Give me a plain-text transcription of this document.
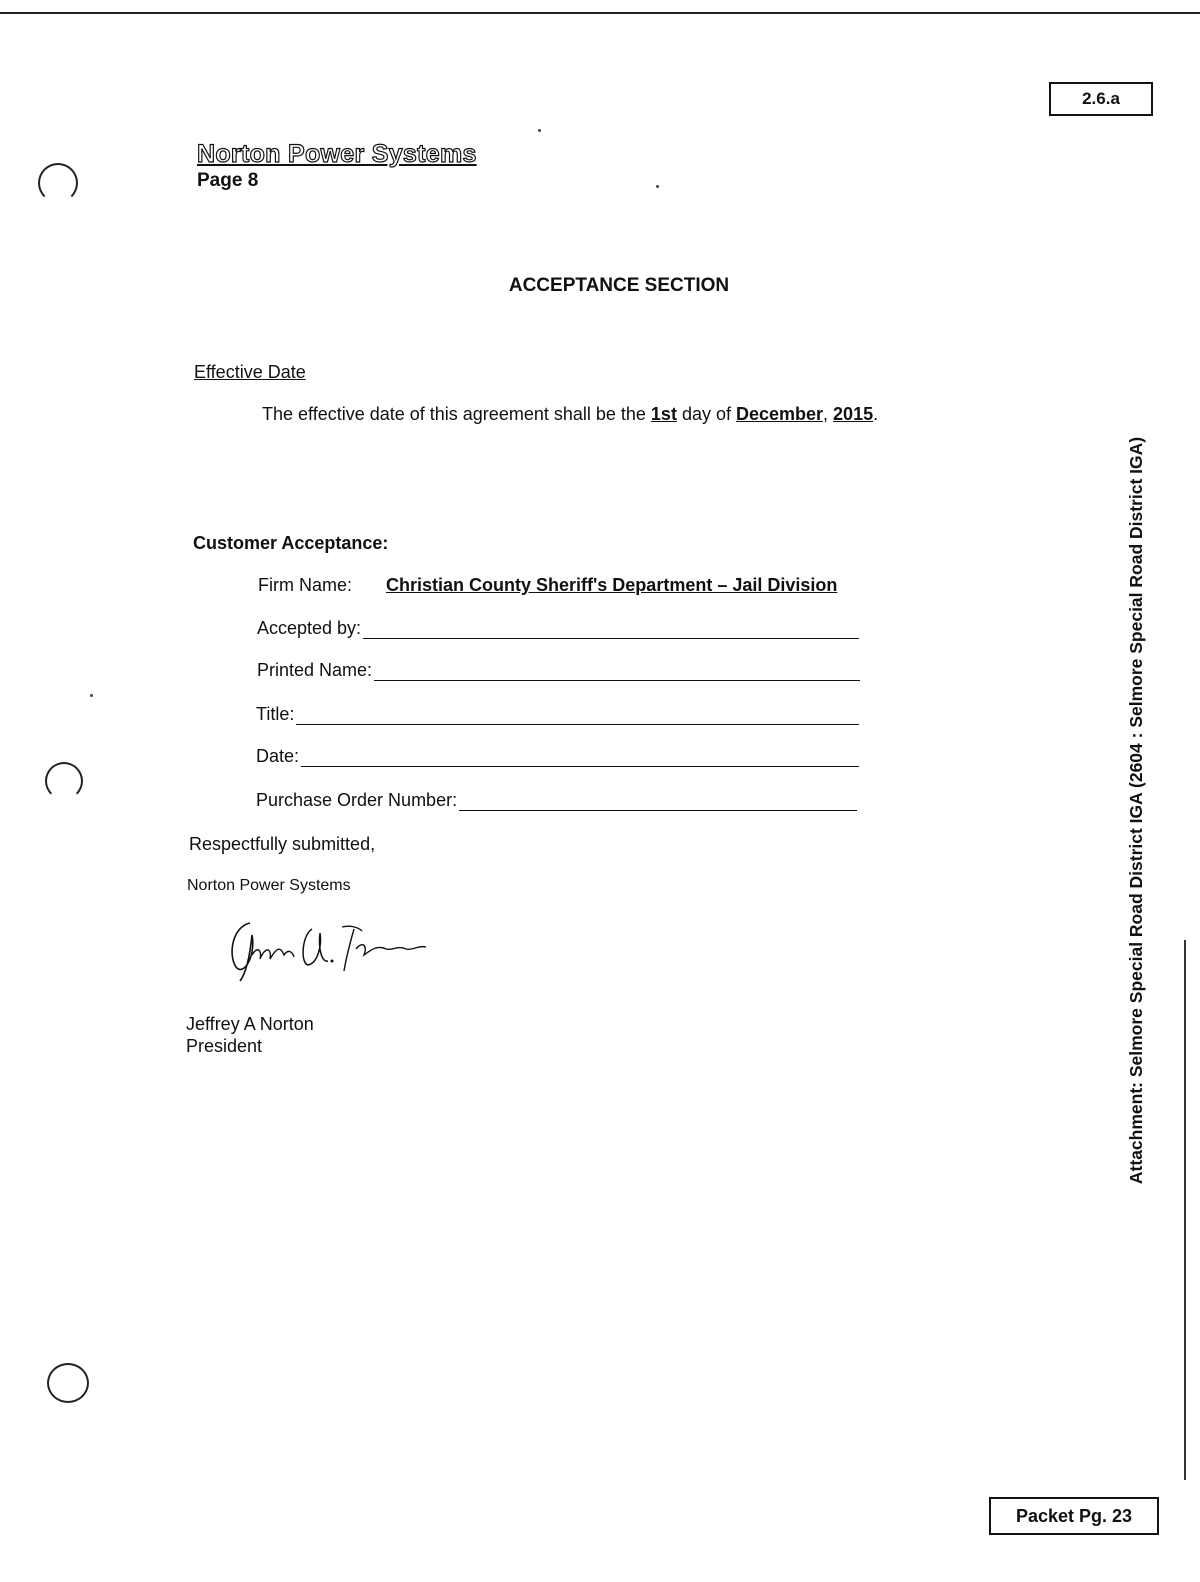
2.6.a
Norton Power Systems
Page 8
ACCEPTANCE SECTION
Effective Date
The effective date of this agreement shall be the 1st day of December, 2015.
Customer Acceptance:
Firm Name:	Christian County Sheriff's Department – Jail Division
Accepted by:
Printed Name:
Title:
Date:
Purchase Order Number:
Respectfully submitted,
Norton Power Systems
Jeffrey A Norton
President	Attachment: Selmore Special Road District IGA (2604 : Selmore Special Road District IGA)
Packet Pg. 23
